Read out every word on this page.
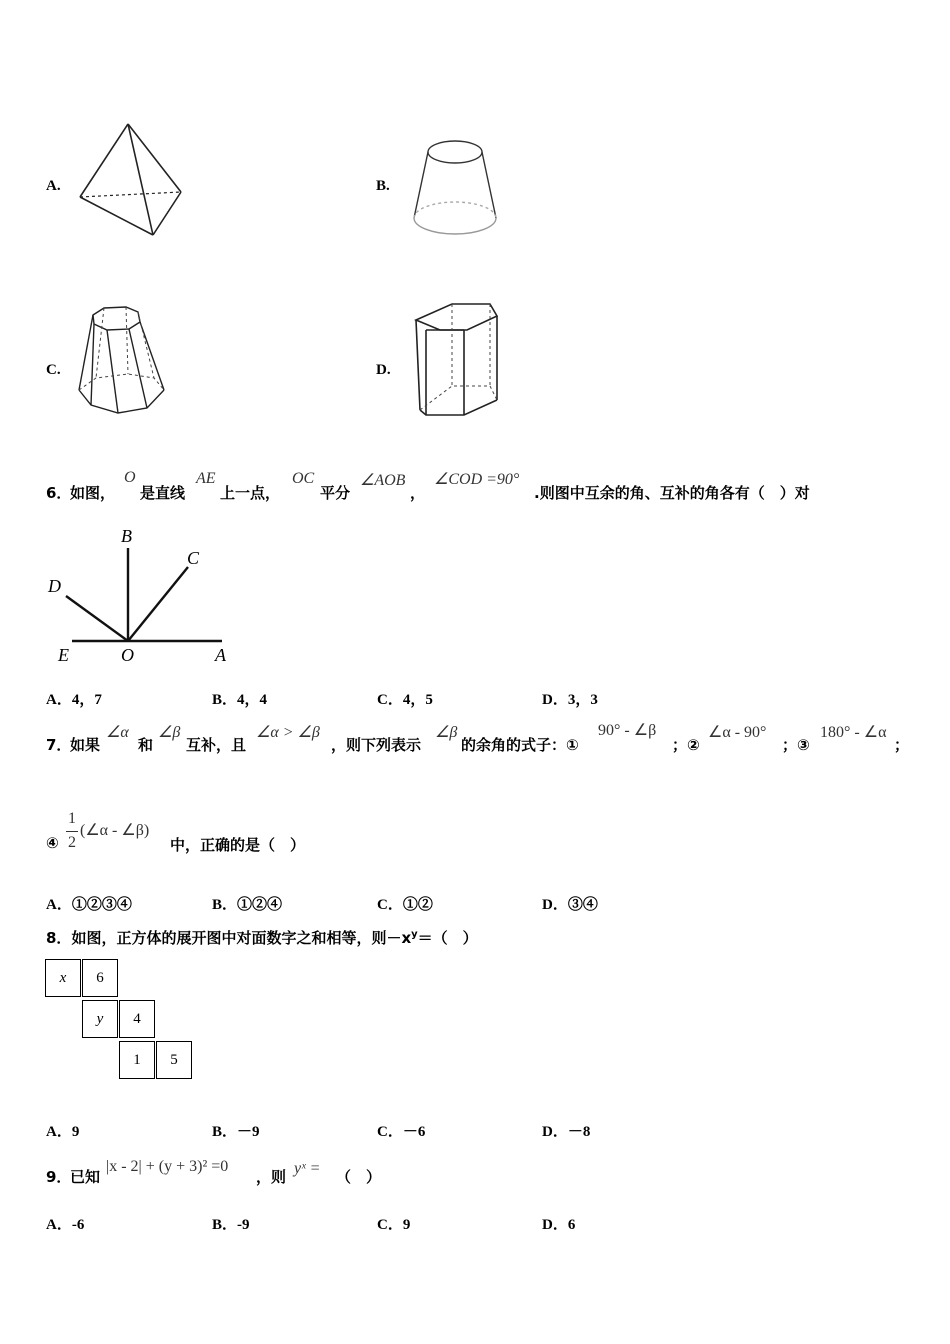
A.	B.
C.	D.
6．
如图，
O
是直线
AE
上一点，
OC
平分
∠AOB
，
∠COD =90°
.则图中互余的角、互补的角各有（　）对
B
C
D
E	O	A
A．4，7	B．4，4	C．4，5	D．3，3
7．
如果
∠α
和
∠β
互补，且
∠α > ∠β
，则下列表示
∠β
的余角的式子：①
90° - ∠β
；②
∠α - 90°
；③
180° - ∠α
；
④
1
2
(∠α - ∠β)
中，正确的是（　）
A．①②③④	B．①②④	C．①②	D．③④
8．如图，正方体的展开图中对面数字之和相等，则$-x^y=$（　）
x	6
y	4
1	5
A．9	B．－9	C．－6	D．－8
9．
已知
|x - 2| + (y + 3)² =0
，则 yˣ = （　）
A．-6	B．-9	C．9	D．6
